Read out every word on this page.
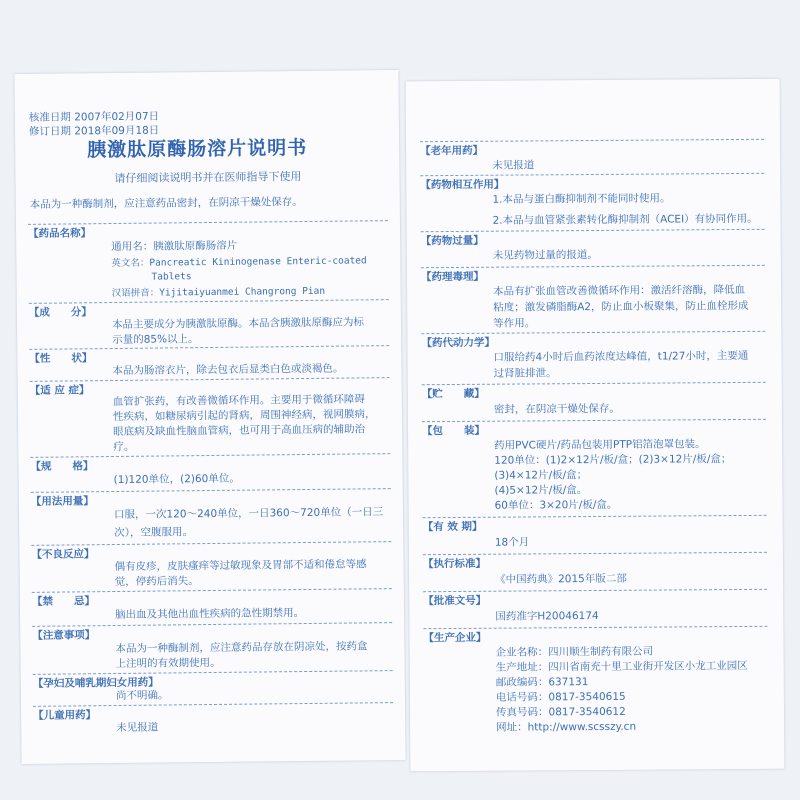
核准日期 2007年02月07日
修订日期 2018年09月18日
胰激肽原酶肠溶片说明书
请仔细阅读说明书并在医师指导下使用
本品为一种酶制剂，应注意药品密封，在阴凉干燥处保存。
【药品名称】
通用名：胰激肽原酶肠溶片
英文名：Pancreatic Kininogenase Enteric-coated
Tablets
汉语拼音：Yijitaiyuanmei Changrong Pian
【成　　分】
本品主要成分为胰激肽原酶。本品含胰激肽原酶应为标
示量的85%以上。
【性　　状】
本品为肠溶衣片，除去包衣后显类白色或淡褐色。
【适 应 症】
血管扩张药，有改善微循环作用。主要用于微循环障碍
性疾病，如糖尿病引起的肾病，周围神经病，视网膜病，
眼底病及缺血性脑血管病，也可用于高血压病的辅助治
疗。
【规　　格】
(1)120单位，(2)60单位。
【用法用量】
口服，一次120～240单位，一日360～720单位（一日三
次），空腹服用。
【不良反应】
偶有皮疹，皮肤瘙痒等过敏现象及胃部不适和倦怠等感
觉，停药后消失。
【禁　　忌】
脑出血及其他出血性疾病的急性期禁用。
【注意事项】
本品为一种酶制剂，应注意药品存放在阴凉处，按药盒
上注明的有效期使用。
【孕妇及哺乳期妇女用药】
尚不明确。
【儿童用药】
未见报道
【老年用药】
未见报道
【药物相互作用】
1.本品与蛋白酶抑制剂不能同时使用。
2.本品与血管紧张素转化酶抑制剂（ACEI）有协同作用。
【药物过量】
未见药物过量的报道。
【药理毒理】
本品有扩张血管改善微循环作用：激活纤溶酶，降低血
粘度；激发磷脂酶A2，防止血小板聚集，防止血栓形成
等作用。
【药代动力学】
口服给药4小时后血药浓度达峰值，t1/27小时，主要通
过肾脏排泄。
【贮　　藏】
密封，在阴凉干燥处保存。
【包　　装】
药用PVC硬片/药品包装用PTP铝箔泡罩包装。
120单位：(1)2×12片/板/盒；(2)3×12片/板/盒；
(3)4×12片/板/盒；
(4)5×12片/板/盒。
60单位：3×20片/板/盒。
【有 效 期】
18个月
【执行标准】
《中国药典》2015年版二部
【批准文号】
国药准字H20046174
【生产企业】
企业名称：四川顺生制药有限公司
生产地址：四川省南充十里工业街开发区小龙工业园区
邮政编码：637131
电话号码：0817-3540615
传真号码：0817-3540612
网址：http://www.scsszy.cn
